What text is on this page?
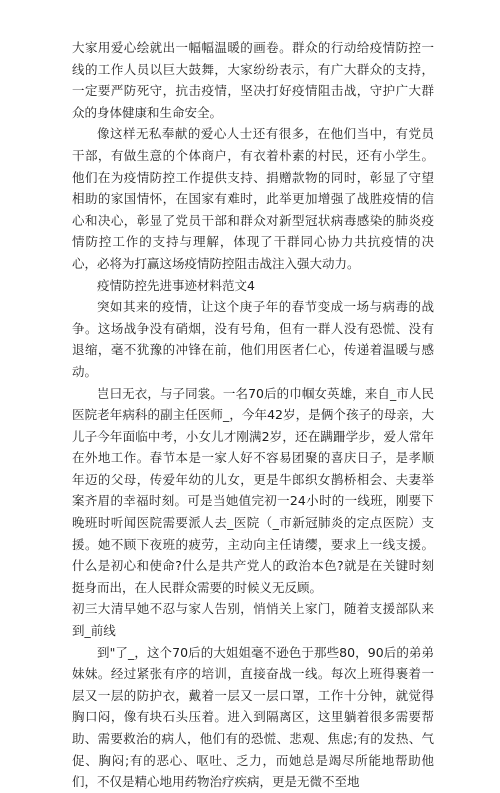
大家用爱心绘就出一幅幅温暖的画卷。群众的行动给疫情防控一线的工作人员以巨大鼓舞，大家纷纷表示，有广大群众的支持，一定要严防死守，抗击疫情，坚决打好疫情阻击战，守护广大群众的身体健康和生命安全。

像这样无私奉献的爱心人士还有很多，在他们当中，有党员干部，有做生意的个体商户，有衣着朴素的村民，还有小学生。他们在为疫情防控工作提供支持、捐赠款物的同时，彰显了守望相助的家国情怀，在国家有难时，此举更加增强了战胜疫情的信心和决心，彰显了党员干部和群众对新型冠状病毒感染的肺炎疫情防控工作的支持与理解，体现了干群同心协力共抗疫情的决心，必将为打赢这场疫情防控阻击战注入强大动力。

疫情防控先进事迹材料范文4

突如其来的疫情，让这个庚子年的春节变成一场与病毒的战争。这场战争没有硝烟，没有号角，但有一群人没有恐慌、没有退缩，毫不犹豫的冲锋在前，他们用医者仁心，传递着温暖与感动。

岂曰无衣，与子同裳。一名70后的巾帼女英雄，来自_市人民医院老年病科的副主任医师_，今年42岁，是俩个孩子的母亲，大儿子今年面临中考，小女儿才刚满2岁，还在蹒跚学步，爱人常年在外地工作。春节本是一家人好不容易团聚的喜庆日子，是孝顺年迈的父母，传爱年幼的儿女，更是牛郎织女鹊桥相会、夫妻举案齐眉的幸福时刻。可是当她值完初一24小时的一线班，刚要下晚班时听闻医院需要派人去_医院（_市新冠肺炎的定点医院）支援。她不顾下夜班的疲劳，主动向主任请缨，要求上一线支援。什么是初心和使命?什么是共产党人的政治本色?就是在关键时刻挺身而出，在人民群众需要的时候义无反顾。

初三大清早她不忍与家人告别，悄悄关上家门，随着支援部队来到_前线

到"了_，这个70后的大姐姐毫不逊色于那些80，90后的弟弟妹妹。经过紧张有序的培训，直接奋战一线。每次上班得裹着一层又一层的防护衣，戴着一层又一层口罩，工作十分钟，就觉得胸口闷，像有块石头压着。进入到隔离区，这里躺着很多需要帮助、需要救治的病人，他们有的恐慌、悲观、焦虑;有的发热、气促、胸闷;有的恶心、呕吐、乏力，而她总是竭尽所能地帮助他们，不仅是精心地用药物治疗疾病，更是无微不至地
